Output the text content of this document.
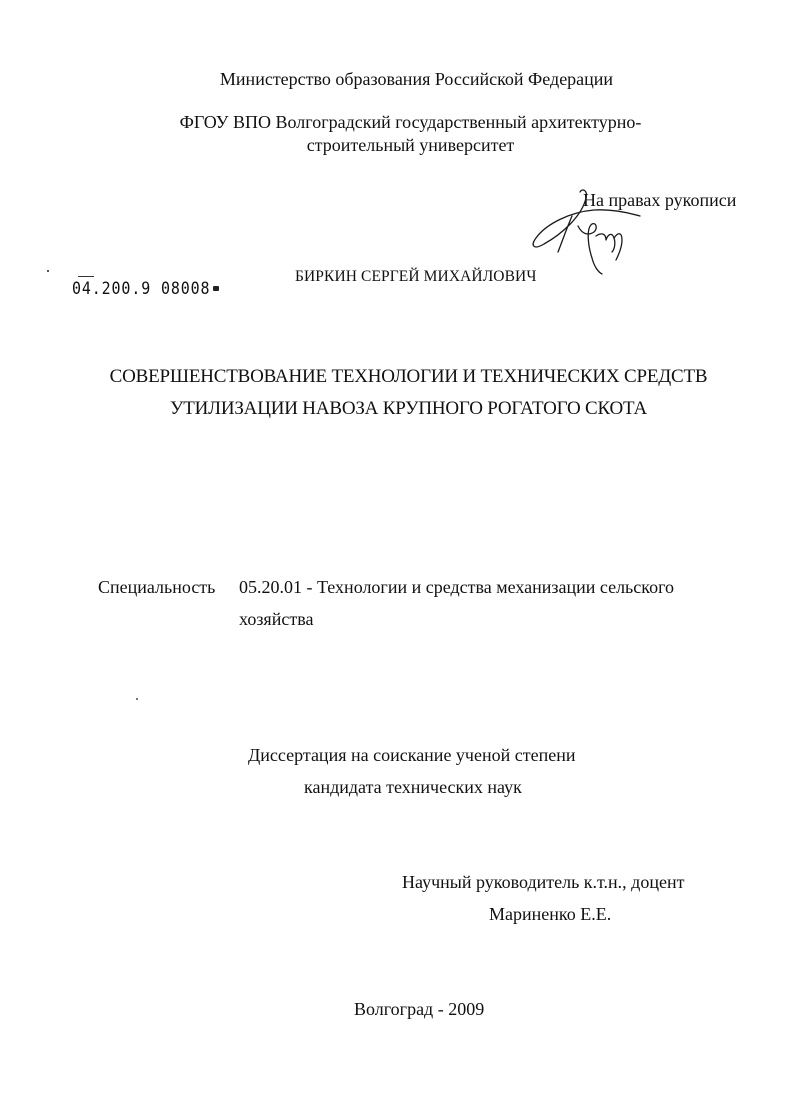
Министерство образования Российской Федерации
ФГОУ ВПО Волгоградский государственный архитектурно-
строительный университет
На правах рукописи
04.200.9 08008
БИРКИН СЕРГЕЙ МИХАЙЛОВИЧ
СОВЕРШЕНСТВОВАНИЕ ТЕХНОЛОГИИ И ТЕХНИЧЕСКИХ СРЕДСТВ
УТИЛИЗАЦИИ НАВОЗА КРУПНОГО РОГАТОГО СКОТА
Специальность 05.20.01 - Технологии и средства механизации сельского
хозяйства
Диссертация на соискание ученой степени
кандидата технических наук
Научный руководитель к.т.н., доцент
Мариненко Е.Е.
Волгоград - 2009
